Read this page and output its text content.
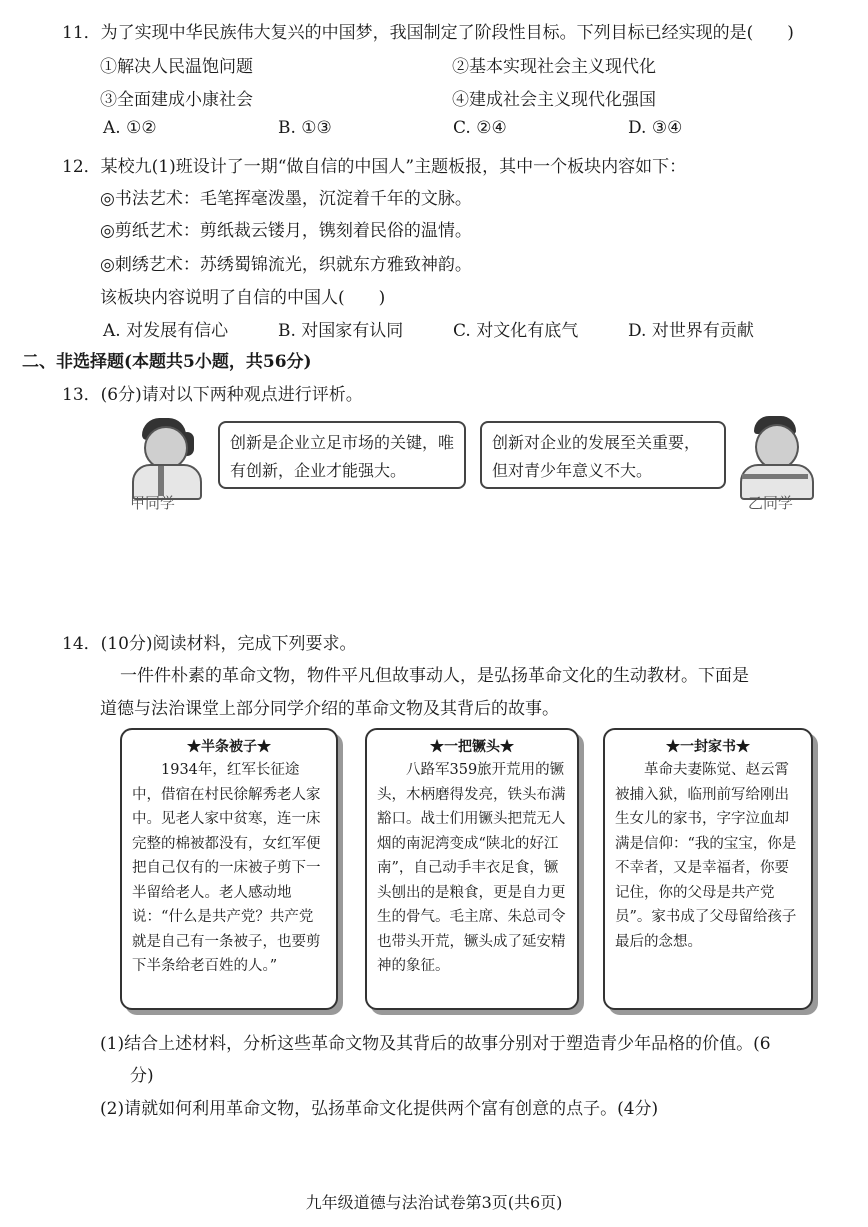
11．为了实现中华民族伟大复兴的中国梦，我国制定了阶段性目标。下列目标已经实现的是(　　)
①解决人民温饱问题	②基本实现社会主义现代化
③全面建成小康社会	④建成社会主义现代化强国
A. ①②	B. ①③	C. ②④	D. ③④
12．某校九(1)班设计了一期“做自信的中国人”主题板报，其中一个板块内容如下：
◎书法艺术：毛笔挥毫泼墨，沉淀着千年的文脉。
◎剪纸艺术：剪纸裁云镂月，镌刻着民俗的温情。
◎刺绣艺术：苏绣蜀锦流光，织就东方雅致神韵。
该板块内容说明了自信的中国人(　　)
A. 对发展有信心	B. 对国家有认同	C. 对文化有底气	D. 对世界有贡献
二、非选择题(本题共5小题，共56分)
13．(6分)请对以下两种观点进行评析。
甲同学
创新是企业立足市场的关键，唯有创新，企业才能强大。
创新对企业的发展至关重要，但对青少年意义不大。
乙同学
14．(10分)阅读材料，完成下列要求。
一件件朴素的革命文物，物件平凡但故事动人，是弘扬革命文化的生动教材。下面是
道德与法治课堂上部分同学介绍的革命文物及其背后的故事。
★半条被子★
1934年，红军长征途中，借宿在村民徐解秀老人家中。见老人家中贫寒，连一床完整的棉被都没有，女红军便把自己仅有的一床被子剪下一半留给老人。老人感动地说：“什么是共产党？共产党就是自己有一条被子，也要剪下半条给老百姓的人。”
★一把镢头★
八路军359旅开荒用的镢头，木柄磨得发亮，铁头布满豁口。战士们用镢头把荒无人烟的南泥湾变成“陕北的好江南”，自己动手丰衣足食，镢头刨出的是粮食，更是自力更生的骨气。毛主席、朱总司令也带头开荒，镢头成了延安精神的象征。
★一封家书★
革命夫妻陈觉、赵云霄被捕入狱，临刑前写给刚出生女儿的家书，字字泣血却满是信仰：“我的宝宝，你是不幸者，又是幸福者，你要记住，你的父母是共产党员”。家书成了父母留给孩子最后的念想。
(1)结合上述材料，分析这些革命文物及其背后的故事分别对于塑造青少年品格的价值。(6
分)
(2)请就如何利用革命文物，弘扬革命文化提供两个富有创意的点子。(4分)
九年级道德与法治试卷第3页(共6页)
